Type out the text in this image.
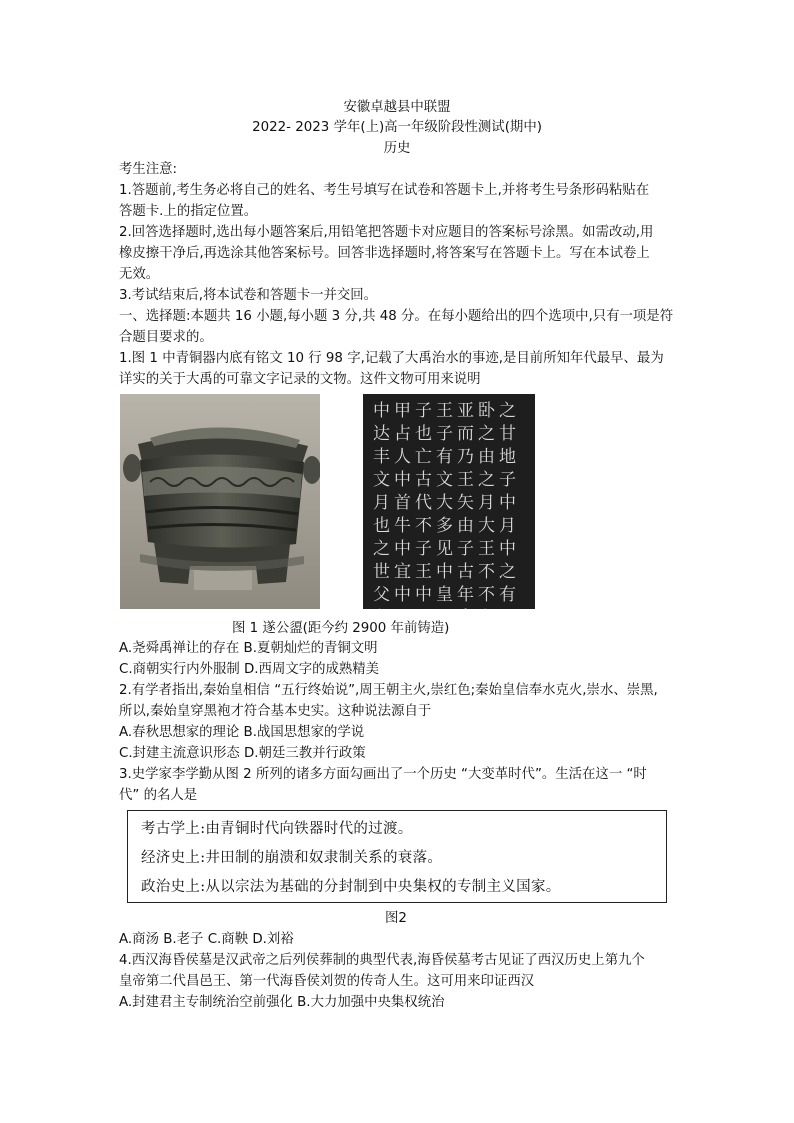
安徽卓越县中联盟
2022- 2023 学年(上)高一年级阶段性测试(期中)
历史
考生注意:
1.答题前,考生务必将自己的姓名、考生号填写在试卷和答题卡上,并将考生号条形码粘贴在
答题卡.上的指定位置。
2.回答选择题时,选出每小题答案后,用铅笔把答题卡对应题目的答案标号涂黑。如需改动,用
橡皮擦干净后,再选涂其他答案标号。回答非选择题时,将答案写在答题卡上。写在本试卷上
无效。
3.考试结束后,将本试卷和答题卡一并交回。
一、选择题:本题共 16 小题,每小题 3 分,共 48 分。在每小题给出的四个选项中,只有一项是符
合题目要求的。
1.图 1 中青铜器内底有铭文 10 行 98 字,记载了大禹治水的事迹,是目前所知年代最早、最为
详实的关于大禹的可靠文字记录的文物。这件文物可用来说明
中甲子王亚卧之达占也子而之甘丰人亡有乃由地文中古文王之子月首代大矢月中也牛不多由大月之中子见子王中世宜王中古不之父中中皇年不有
图 1 遂公盨(距今约 2900 年前铸造)
A.尧舜禹禅让的存在 B.夏朝灿烂的青铜文明
C.商朝实行内外服制 D.西周文字的成熟精美
2.有学者指出,秦始皇相信 “五行终始说”,周王朝主火,崇红色;秦始皇信奉水克火,崇水、崇黑,
所以,秦始皇穿黑袍才符合基本史实。这种说法源自于
A.春秋思想家的理论 B.战国思想家的学说
C.封建主流意识形态 D.朝廷三教并行政策
3.史学家李学勤从图 2 所列的诸多方面勾画出了一个历史 “大变革时代”。生活在这一 “时
代” 的名人是
考古学上:由青铜时代向铁器时代的过渡。
经济史上:井田制的崩溃和奴隶制关系的衰落。
政治史上:从以宗法为基础的分封制到中央集权的专制主义国家。
图2
A.商汤 B.老子 C.商鞅 D.刘裕
4.西汉海昏侯墓是汉武帝之后列侯葬制的典型代表,海昏侯墓考古见证了西汉历史上第九个
皇帝第二代昌邑王、第一代海昏侯刘贺的传奇人生。这可用来印证西汉
A.封建君主专制统治空前强化 B.大力加强中央集权统治
